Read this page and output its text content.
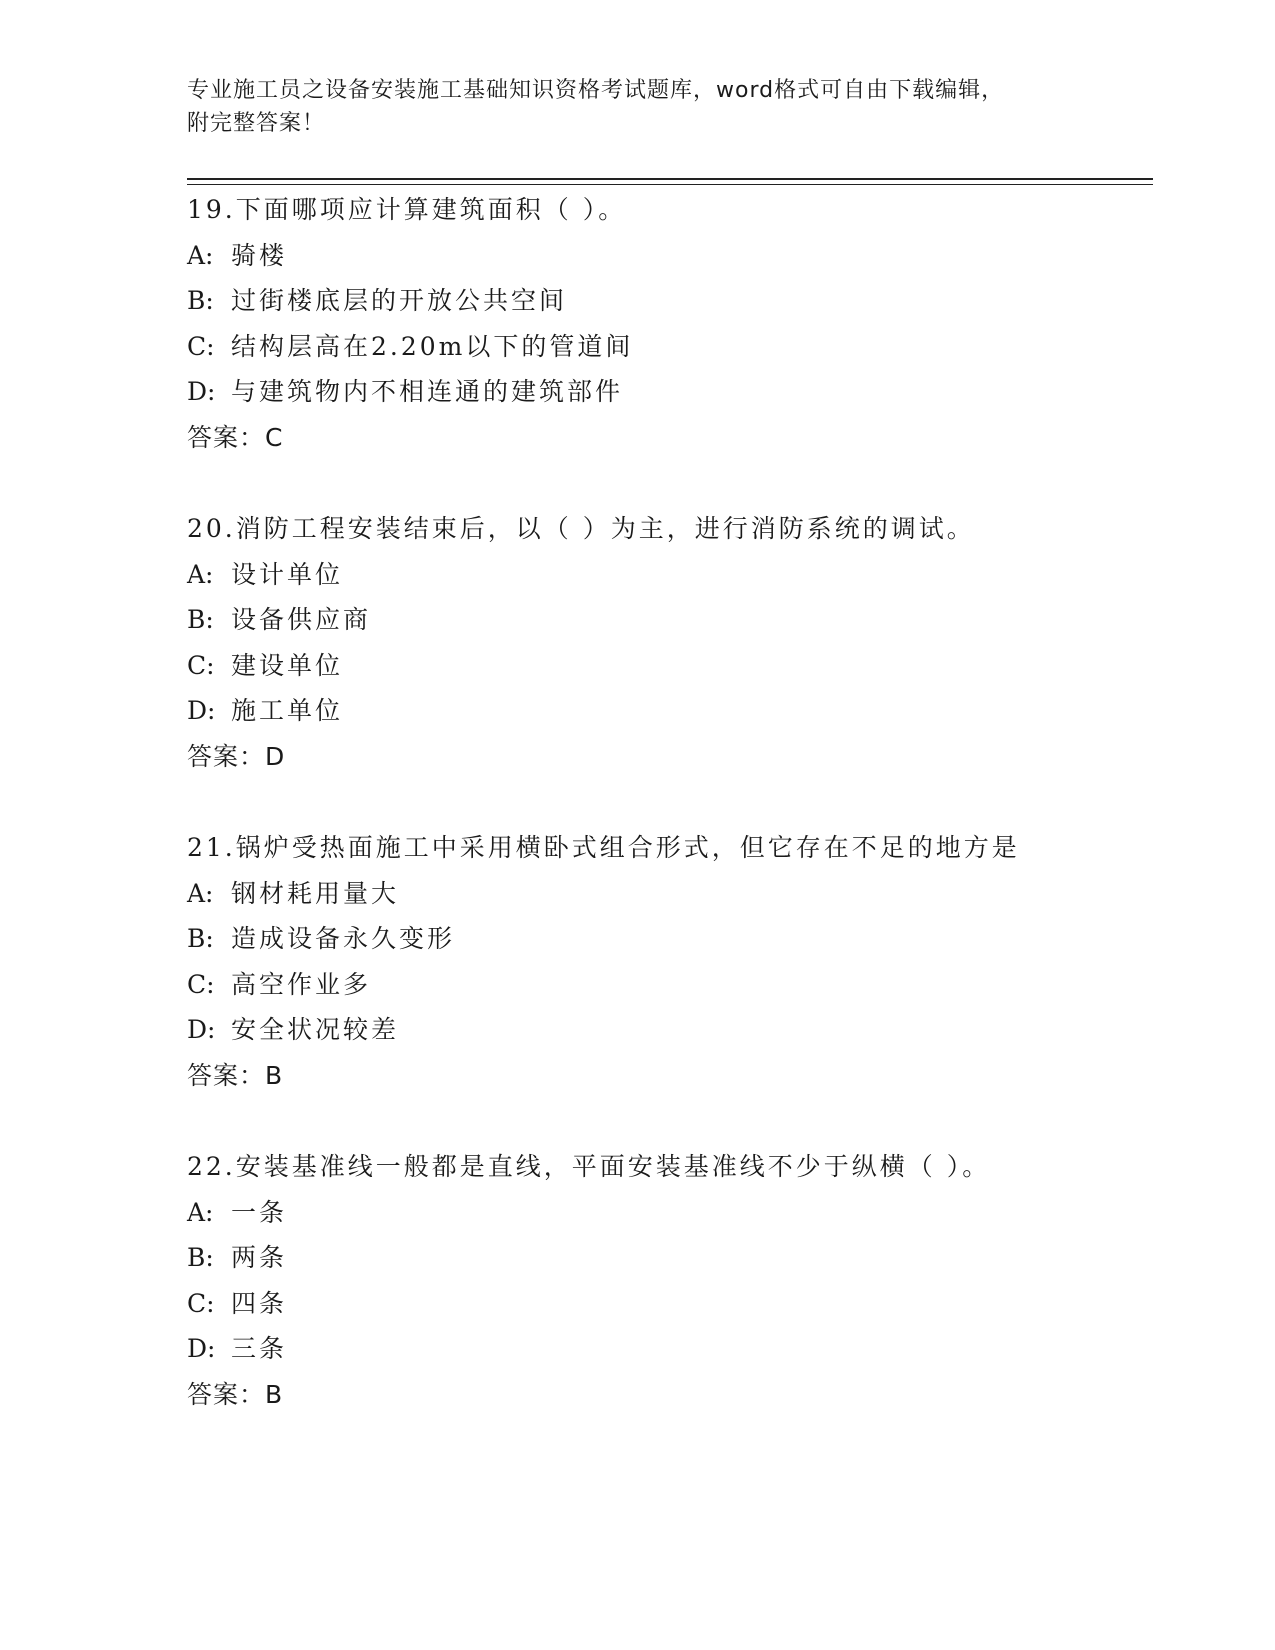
专业施工员之设备安装施工基础知识资格考试题库，word格式可自由下载编辑，
附完整答案！
19.下面哪项应计算建筑面积（ ）。
A: 骑楼
B: 过街楼底层的开放公共空间
C: 结构层高在2.20m以下的管道间
D: 与建筑物内不相连通的建筑部件
答案：C
20.消防工程安装结束后，以（ ）为主，进行消防系统的调试。
A: 设计单位
B: 设备供应商
C: 建设单位
D: 施工单位
答案：D
21.锅炉受热面施工中采用横卧式组合形式，但它存在不足的地方是
A: 钢材耗用量大
B: 造成设备永久变形
C: 高空作业多
D: 安全状况较差
答案：B
22.安装基准线一般都是直线，平面安装基准线不少于纵横（ ）。
A: 一条
B: 两条
C: 四条
D: 三条
答案：B
